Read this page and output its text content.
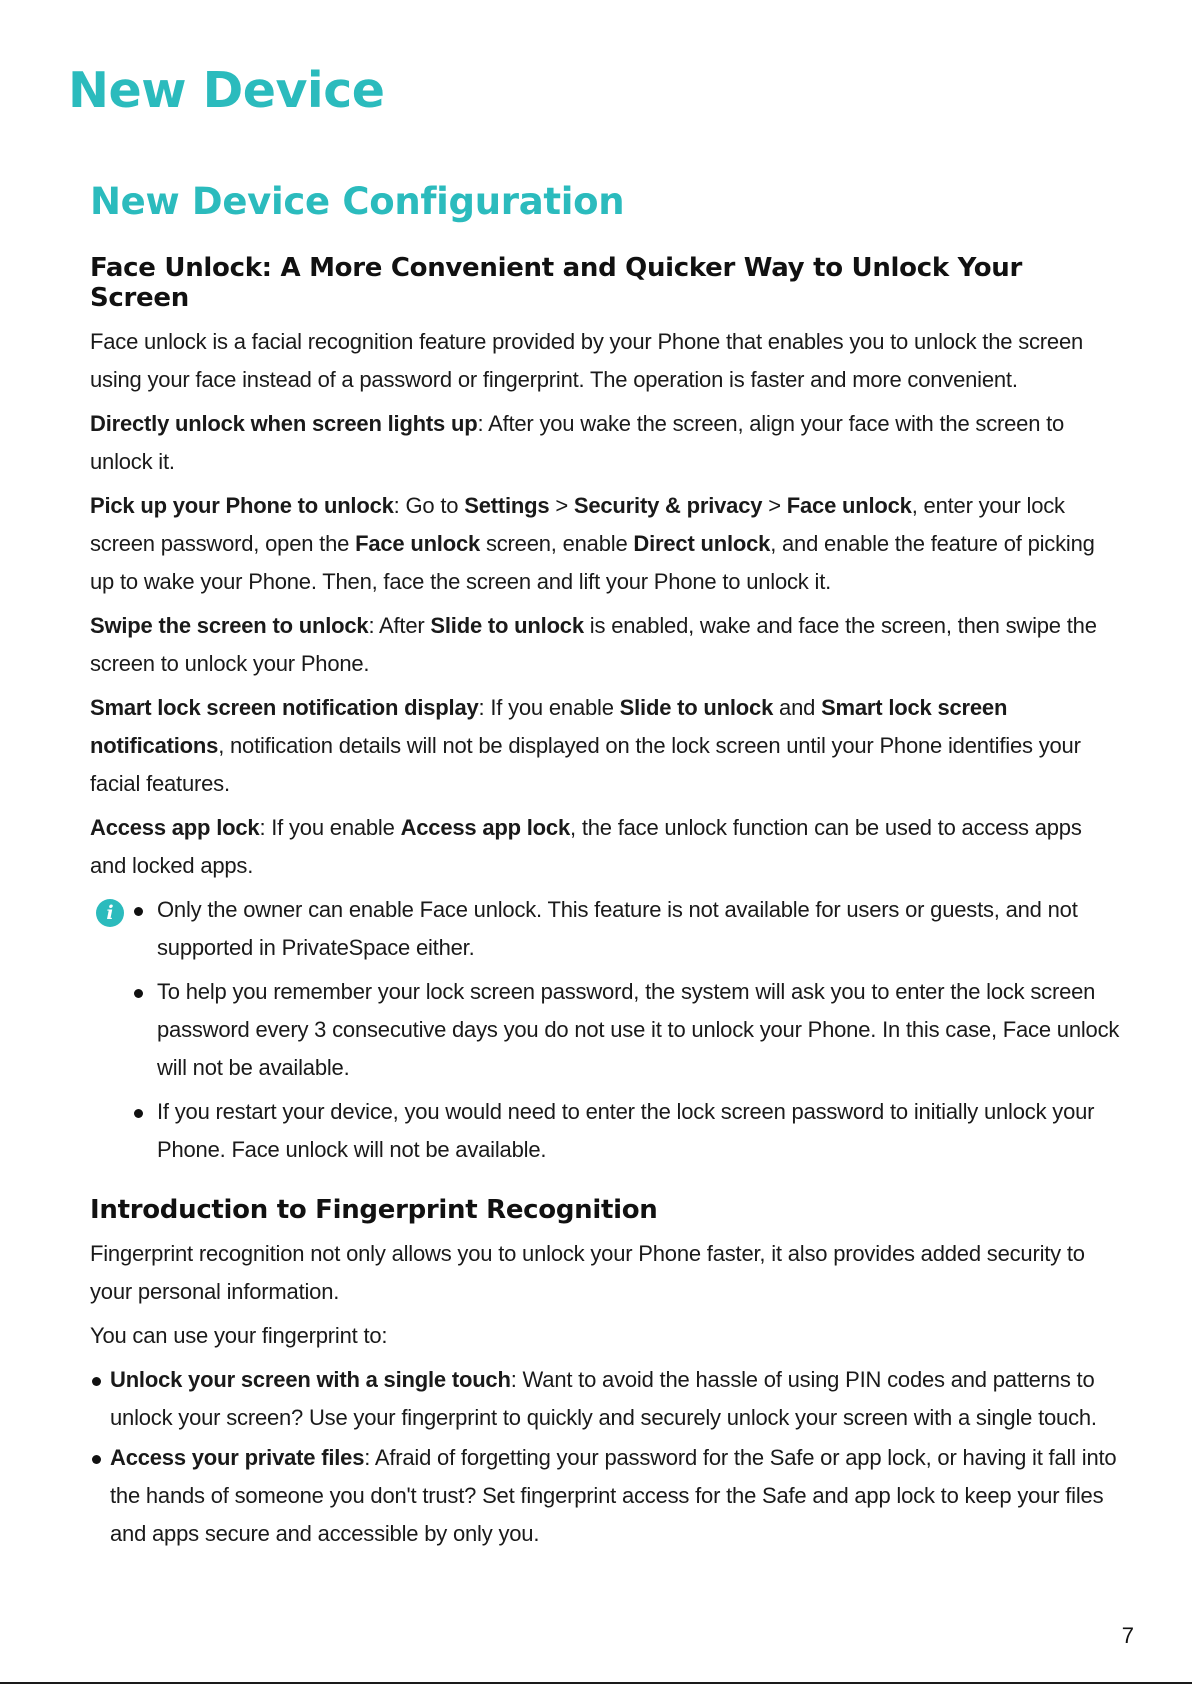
New Device
New Device Configuration
Face Unlock: A More Convenient and Quicker Way to Unlock Your Screen

Face unlock is a facial recognition feature provided by your Phone that enables you to unlock the screen using your face instead of a password or fingerprint. The operation is faster and more convenient.

Directly unlock when screen lights up: After you wake the screen, align your face with the screen to unlock it.

Pick up your Phone to unlock: Go to Settings > Security & privacy > Face unlock, enter your lock screen password, open the Face unlock screen, enable Direct unlock, and enable the feature of picking up to wake your Phone. Then, face the screen and lift your Phone to unlock it.

Swipe the screen to unlock: After Slide to unlock is enabled, wake and face the screen, then swipe the screen to unlock your Phone.

Smart lock screen notification display: If you enable Slide to unlock and Smart lock screen notifications, notification details will not be displayed on the lock screen until your Phone identifies your facial features.

Access app lock: If you enable Access app lock, the face unlock function can be used to access apps and locked apps.

i	Only the owner can enable Face unlock. This feature is not available for users or guests, and not supported in PrivateSpace either.
To help you remember your lock screen password, the system will ask you to enter the lock screen password every 3 consecutive days you do not use it to unlock your Phone. In this case, Face unlock will not be available.
If you restart your device, you would need to enter the lock screen password to initially unlock your Phone. Face unlock will not be available.
Introduction to Fingerprint Recognition

Fingerprint recognition not only allows you to unlock your Phone faster, it also provides added security to your personal information.

You can use your fingerprint to:

Unlock your screen with a single touch: Want to avoid the hassle of using PIN codes and patterns to unlock your screen? Use your fingerprint to quickly and securely unlock your screen with a single touch.
Access your private files: Afraid of forgetting your password for the Safe or app lock, or having it fall into the hands of someone you don't trust? Set fingerprint access for the Safe and app lock to keep your files and apps secure and accessible by only you.
7
